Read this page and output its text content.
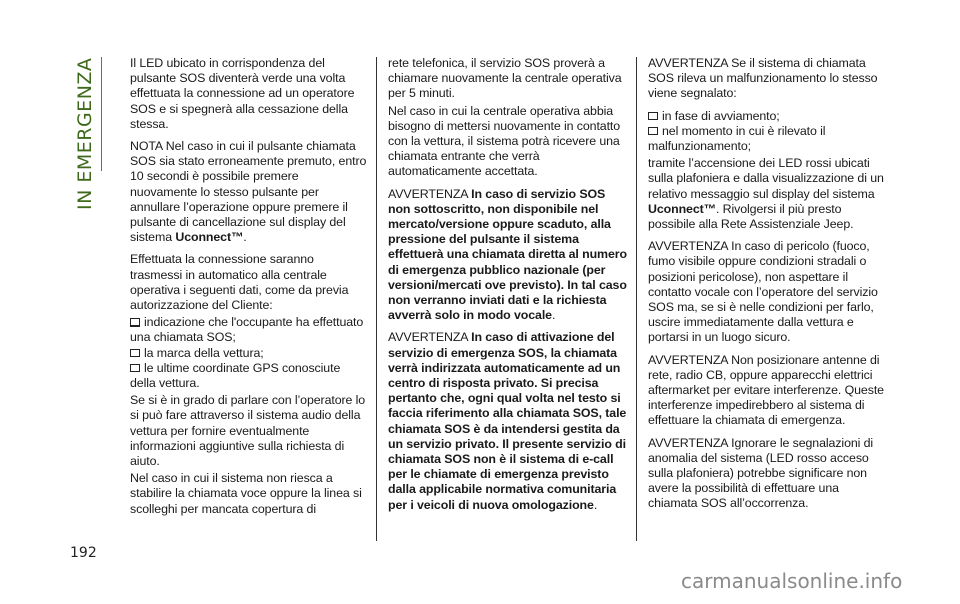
IN EMERGENZA	Il LED ubicato in corrispondenza del pulsante SOS diventerà verde una volta effettuata la connessione ad un operatore SOS e si spegnerà alla cessazione della stessa.

NOTA Nel caso in cui il pulsante chiamata SOS sia stato erroneamente premuto, entro 10 secondi è possibile premere nuovamente lo stesso pulsante per annullare l’operazione oppure premere il pulsante di cancellazione sul display del sistema Uconnect™.

Effettuata la connessione saranno trasmessi in automatico alla centrale operativa i seguenti dati, come da previa autorizzazione del Cliente:

indicazione che l'occupante ha effettuato una chiamata SOS;
la marca della vettura;
le ultime coordinate GPS conosciute della vettura.

Se si è in grado di parlare con l’operatore lo si può fare attraverso il sistema audio della vettura per fornire eventualmente informazioni aggiuntive sulla richiesta di aiuto.

Nel caso in cui il sistema non riesca a stabilire la chiamata voce oppure la linea si scolleghi per mancata copertura di

rete telefonica, il servizio SOS proverà a chiamare nuovamente la centrale operativa per 5 minuti.

Nel caso in cui la centrale operativa abbia bisogno di mettersi nuovamente in contatto con la vettura, il sistema potrà ricevere una chiamata entrante che verrà automaticamente accettata.

AVVERTENZA In caso di servizio SOS non sottoscritto, non disponibile nel mercato/versione oppure scaduto, alla pressione del pulsante il sistema effettuerà una chiamata diretta al numero di emergenza pubblico nazionale (per versioni/mercati ove previsto). In tal caso non verranno inviati dati e la richiesta avverrà solo in modo vocale.

AVVERTENZA In caso di attivazione del servizio di emergenza SOS, la chiamata verrà indirizzata automaticamente ad un centro di risposta privato. Si precisa pertanto che, ogni qual volta nel testo si faccia riferimento alla chiamata SOS, tale chiamata SOS è da intendersi gestita da un servizio privato. Il presente servizio di chiamata SOS non è il sistema di e-call per le chiamate di emergenza previsto dalla applicabile normativa comunitaria per i veicoli di nuova omologazione.

AVVERTENZA Se il sistema di chiamata SOS rileva un malfunzionamento lo stesso viene segnalato:

in fase di avviamento;
nel momento in cui è rilevato il malfunzionamento;

tramite l’accensione dei LED rossi ubicati sulla plafoniera e dalla visualizzazione di un relativo messaggio sul display del sistema Uconnect™. Rivolgersi il più presto possibile alla Rete Assistenziale Jeep.

AVVERTENZA In caso di pericolo (fuoco, fumo visibile oppure condizioni stradali o posizioni pericolose), non aspettare il contatto vocale con l’operatore del servizio SOS ma, se si è nelle condizioni per farlo, uscire immediatamente dalla vettura e portarsi in un luogo sicuro.

AVVERTENZA Non posizionare antenne di rete, radio CB, oppure apparecchi elettrici aftermarket per evitare interferenze. Queste interferenze impedirebbero al sistema di effettuare la chiamata di emergenza.

AVVERTENZA Ignorare le segnalazioni di anomalia del sistema (LED rosso acceso sulla plafoniera) potrebbe significare non avere la possibilità di effettuare una chiamata SOS all’occorrenza.

192
carmanualsonline.info
